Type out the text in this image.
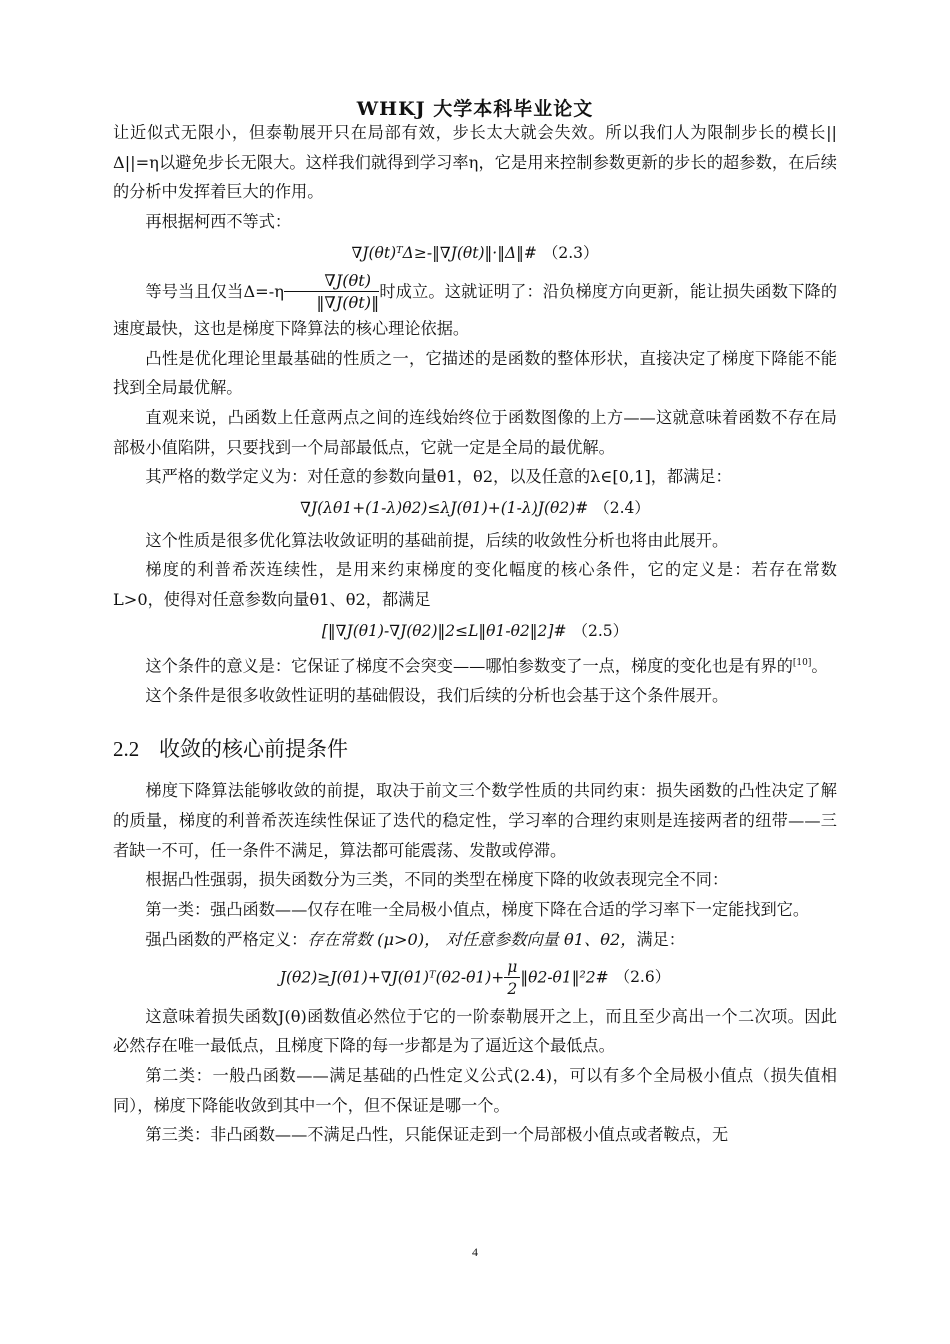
WHKJ 大学本科毕业论文

让近似式无限小，但泰勒展开只在局部有效，步长太大就会失效。所以我们人为限制步长的模长||Δ||=η以避免步长无限大。这样我们就得到学习率η，它是用来控制参数更新的步长的超参数，在后续的分析中发挥着巨大的作用。

再根据柯西不等式：

∇J(θt)ᵀΔ≥-‖∇J(θt)‖·‖Δ‖# （2.3）

等号当且仅当$\Delta=-\eta \frac{\nabla J(\theta t)}{‖\nabla J(\theta t)‖}$ 时成立。这就证明了：沿负梯度方向更新，能让损失函数下降的速度最快，这也是梯度下降算法的核心理论依据。

凸性是优化理论里最基础的性质之一，它描述的是函数的整体形状，直接决定了梯度下降能不能找到全局最优解。

直观来说，凸函数上任意两点之间的连线始终位于函数图像的上方——这就意味着函数不存在局部极小值陷阱，只要找到一个局部最低点，它就一定是全局的最优解。

其严格的数学定义为：对任意的参数向量θ1，θ2，以及任意的λ∈[0,1]，都满足：

∇J(λθ1+(1-λ)θ2)≤λJ(θ1)+(1-λ)J(θ2)# （2.4）

这个性质是很多优化算法收敛证明的基础前提，后续的收敛性分析也将由此展开。

梯度的利普希茨连续性，是用来约束梯度的变化幅度的核心条件，它的定义是：若存在常数L>0，使得对任意参数向量θ1、θ2，都满足

[‖∇J(θ1)-∇J(θ2)‖2≤L‖θ1-θ2‖2]# （2.5）

这个条件的意义是：它保证了梯度不会突变——哪怕参数变了一点，梯度的变化也是有界的[10]。

这个条件是很多收敛性证明的基础假设，我们后续的分析也会基于这个条件展开。

2.2 收敛的核心前提条件

梯度下降算法能够收敛的前提，取决于前文三个数学性质的共同约束：损失函数的凸性决定了解的质量，梯度的利普希茨连续性保证了迭代的稳定性，学习率的合理约束则是连接两者的纽带——三者缺一不可，任一条件不满足，算法都可能震荡、发散或停滞。

根据凸性强弱，损失函数分为三类，不同的类型在梯度下降的收敛表现完全不同：

第一类：强凸函数——仅存在唯一全局极小值点，梯度下降在合适的学习率下一定能找到它。

强凸函数的严格定义：存在常数 (μ>0)， 对任意参数向量 θ1、θ2，满足：

J(θ2)≥J(θ1)+∇J(θ1)ᵀ(θ2-θ1)+ $\frac{\mu}{2}$ ‖θ2-θ1‖²2# （2.6）

这意味着损失函数J(θ)函数值必然位于它的一阶泰勒展开之上，而且至少高出一个二次项。因此必然存在唯一最低点，且梯度下降的每一步都是为了逼近这个最低点。

第二类：一般凸函数——满足基础的凸性定义公式(2.4)，可以有多个全局极小值点（损失值相同），梯度下降能收敛到其中一个，但不保证是哪一个。

第三类：非凸函数——不满足凸性，只能保证走到一个局部极小值点或者鞍点，无

4
